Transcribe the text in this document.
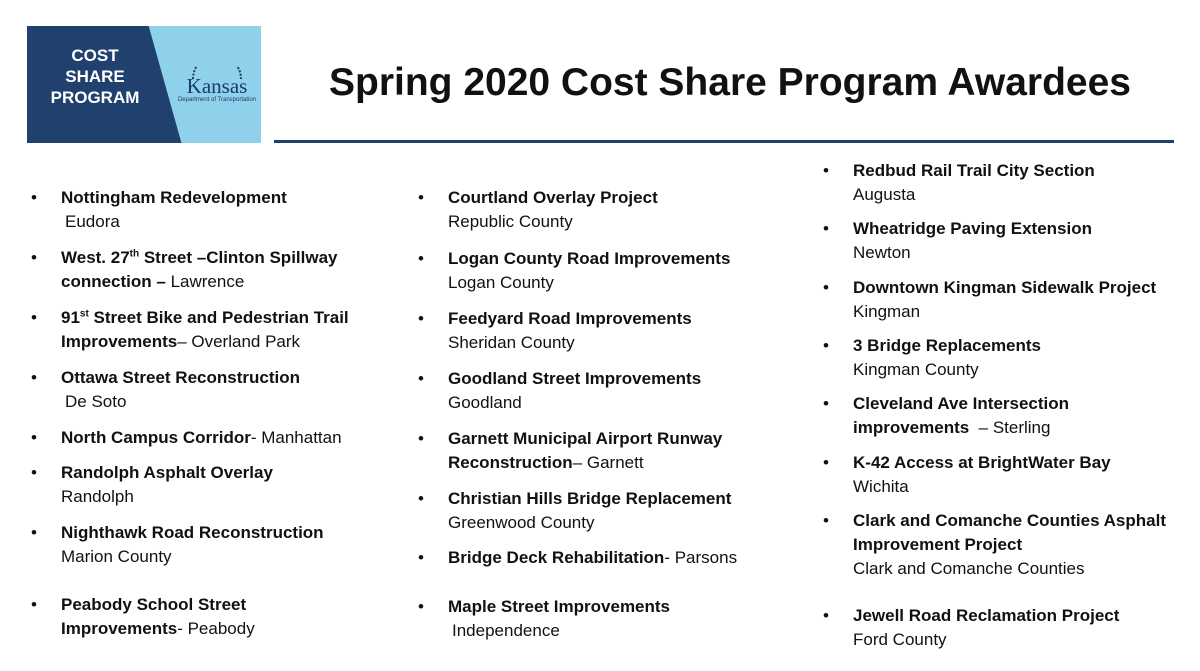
COST
SHARE
PROGRAM	Kansas
Department of Transportation	Spring 2020 Cost Share Program Awardees
• Nottingham Redevelopment
Eudora
• West. 27th Street –Clinton Spillway
connection – Lawrence
• 91st Street Bike and Pedestrian Trail
Improvements– Overland Park
• Ottawa Street Reconstruction
De Soto
• North Campus Corridor- Manhattan
• Randolph Asphalt Overlay
Randolph
• Nighthawk Road Reconstruction
Marion County
• Peabody School Street
Improvements- Peabody
• Courtland Overlay Project
Republic County
• Logan County Road Improvements
Logan County
• Feedyard Road Improvements
Sheridan County
• Goodland Street Improvements
Goodland
• Garnett Municipal Airport Runway
Reconstruction– Garnett
• Christian Hills Bridge Replacement
Greenwood County
• Bridge Deck Rehabilitation- Parsons
• Maple Street Improvements
Independence
• Redbud Rail Trail City Section
Augusta
• Wheatridge Paving Extension
Newton
• Downtown Kingman Sidewalk Project
Kingman
• 3 Bridge Replacements
Kingman County
• Cleveland Ave Intersection
improvements  – Sterling
• K-42 Access at BrightWater Bay
Wichita
• Clark and Comanche Counties Asphalt
Improvement Project
Clark and Comanche Counties
• Jewell Road Reclamation Project
Ford County
